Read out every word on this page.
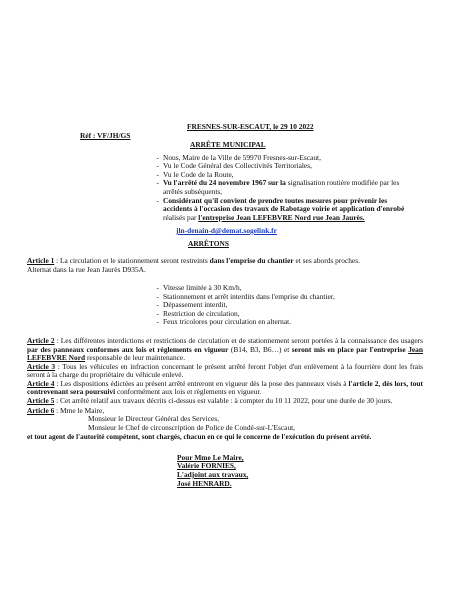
FRESNES-SUR-ESCAUT, le 29 10 2022
Réf : VF/JH/GS
ARRÊTE MUNICIPAL
- Nous, Maire de la Ville de 59970 Fresnes-sur-Escaut,
- Vu le Code Général des Collectivités Territoriales,
- Vu le Code de la Route,
- Vu l'arrêté du 24 novembre 1967 sur la signalisation routière modifiée par les arrêtés subséquents,
- Considérant qu'il convient de prendre toutes mesures pour prévenir les accidents à l'occasion des travaux de Rabotage voirie et application d'enrobé réalisés par l'entreprise Jean LEFEBVRE Nord rue Jean Jaurès.
jln-denain-d@demat.sogelink.fr
ARRÊTONS

Article 1 : La circulation et le stationnement seront restreints dans l'emprise du chantier et ses abords proches.

Alternat dans la rue Jean Jaurès D935A.

- Vitesse limitée à 30 Km/h,
- Stationnement et arrêt interdits dans l'emprise du chantier,
- Dépassement interdit,
- Restriction de circulation,
- Feux tricolores pour circulation en alternat.

Article 2 : Les différentes interdictions et restrictions de circulation et de stationnement seront portées à la connaissance des usagers par des panneaux conformes aux lois et règlements en vigueur (B14, B3, B6…) et seront mis en place par l'entreprise Jean LEFEBVRE Nord responsable de leur maintenance.

Article 3 : Tous les véhicules en infraction concernant le présent arrêté feront l'objet d'un enlèvement à la fourrière dont les frais seront à la charge du propriétaire du véhicule enlevé.

Article 4 : Les dispositions édictées au présent arrêté entreront en vigueur dès la pose des panneaux visés à l'article 2, dès lors, tout contrevenant sera poursuivi conformément aux lois et règlements en vigueur.

Article 5 : Cet arrêté relatif aux travaux décrits ci-dessus est valable : à compter du 10 11 2022, pour une durée de 30 jours.

Article 6 : Mme le Maire,
Monsieur le Directeur Général des Services,
Monsieur le Chef de circonscription de Police de Condé-sur-L'Escaut,
et tout agent de l'autorité compétent, sont chargés, chacun en ce qui le concerne de l'exécution du présent arrêté.
Pour Mme Le Maire,
Valérie FORNIES,
L'adjoint aux travaux,
José HENRARD.
